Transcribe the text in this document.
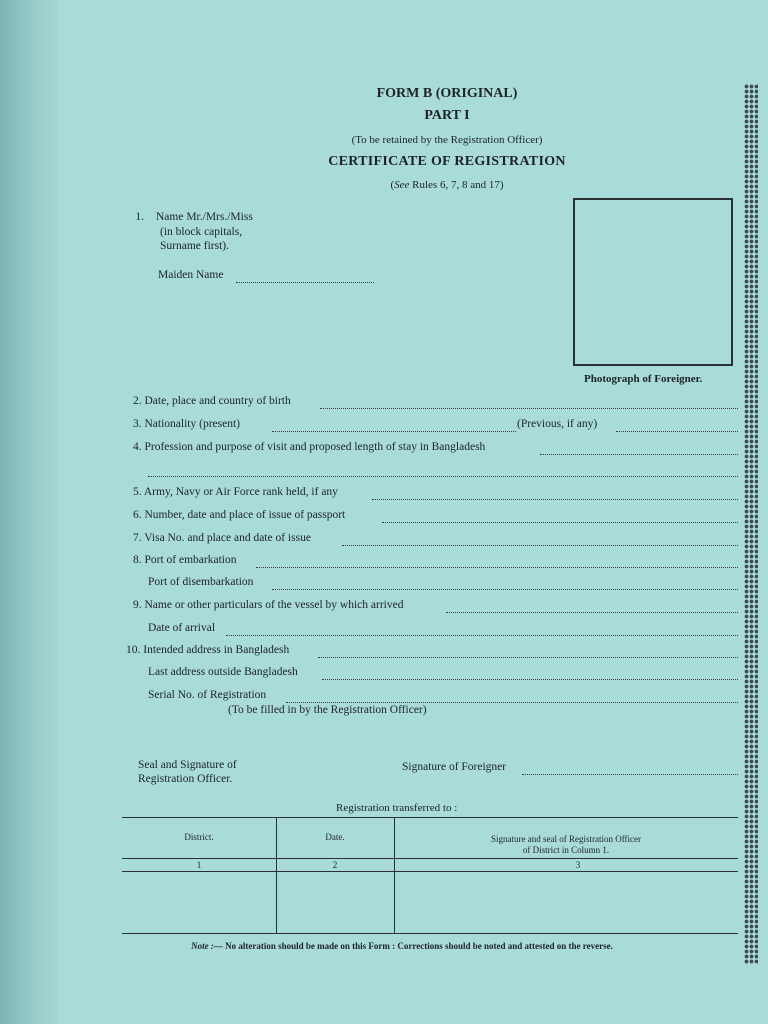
FORM B (ORIGINAL)
PART I
(To be retained by the Registration Officer)
CERTIFICATE OF REGISTRATION
(See Rules 6, 7, 8 and 17)
Photograph of Foreigner.
1. Name Mr./Mrs./Miss
(in block capitals,
Surname first).
Maiden Name
2. Date, place and country of birth
3. Nationality (present)	(Previous, if any)
4. Profession and purpose of visit and proposed length of stay in Bangladesh
5. Army, Navy or Air Force rank held, if any
6. Number, date and place of issue of passport
7. Visa No. and place and date of issue
8. Port of embarkation
Port of disembarkation
9. Name or other particulars of the vessel by which arrived
Date of arrival
10. Intended address in Bangladesh
Last address outside Bangladesh
Serial No. of Registration
(To be filled in by the Registration Officer)
Seal and Signature of
Registration Officer.
Signature of Foreigner
Registration transferred to :
District.	Date.	Signature and seal of Registration Officer
of District in Column 1.
1	2	3
Note :— No alteration should be made on this Form : Corrections should be noted and attested on the reverse.
